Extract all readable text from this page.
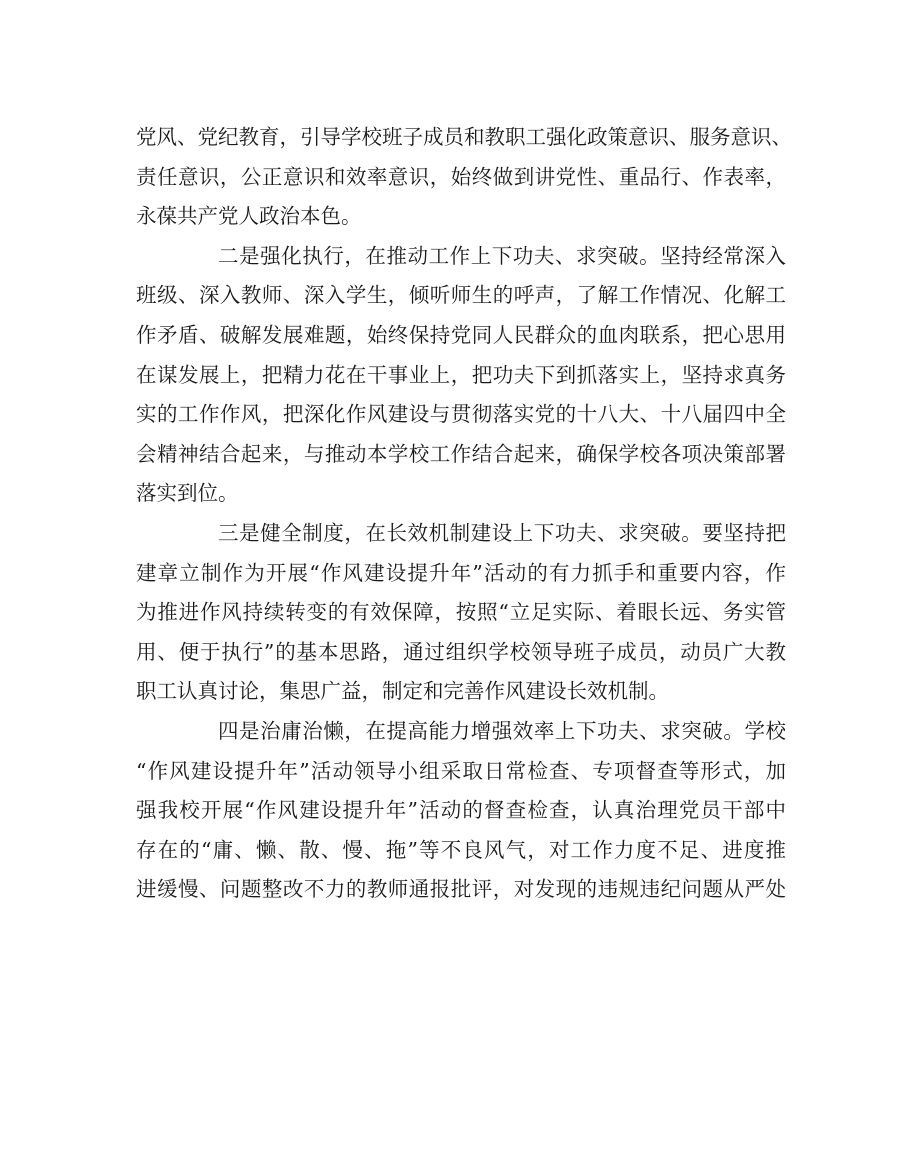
党风、党纪教育，引导学校班子成员和教职工强化政策意识、服务意识、
责任意识，公正意识和效率意识，始终做到讲党性、重品行、作表率，
永葆共产党人政治本色。
二是强化执行，在推动工作上下功夫、求突破。坚持经常深入
班级、深入教师、深入学生，倾听师生的呼声，了解工作情况、化解工
作矛盾、破解发展难题，始终保持党同人民群众的血肉联系，把心思用
在谋发展上，把精力花在干事业上，把功夫下到抓落实上，坚持求真务
实的工作作风，把深化作风建设与贯彻落实党的十八大、十八届四中全
会精神结合起来，与推动本学校工作结合起来，确保学校各项决策部署
落实到位。
三是健全制度，在长效机制建设上下功夫、求突破。要坚持把
建章立制作为开展“作风建设提升年”活动的有力抓手和重要内容，作
为推进作风持续转变的有效保障，按照“立足实际、着眼长远、务实管
用、便于执行”的基本思路，通过组织学校领导班子成员，动员广大教
职工认真讨论，集思广益，制定和完善作风建设长效机制。
四是治庸治懒，在提高能力增强效率上下功夫、求突破。学校
“作风建设提升年”活动领导小组采取日常检查、专项督查等形式，加
强我校开展“作风建设提升年”活动的督查检查，认真治理党员干部中
存在的“庸、懒、散、慢、拖”等不良风气，对工作力度不足、进度推
进缓慢、问题整改不力的教师通报批评，对发现的违规违纪问题从严处
